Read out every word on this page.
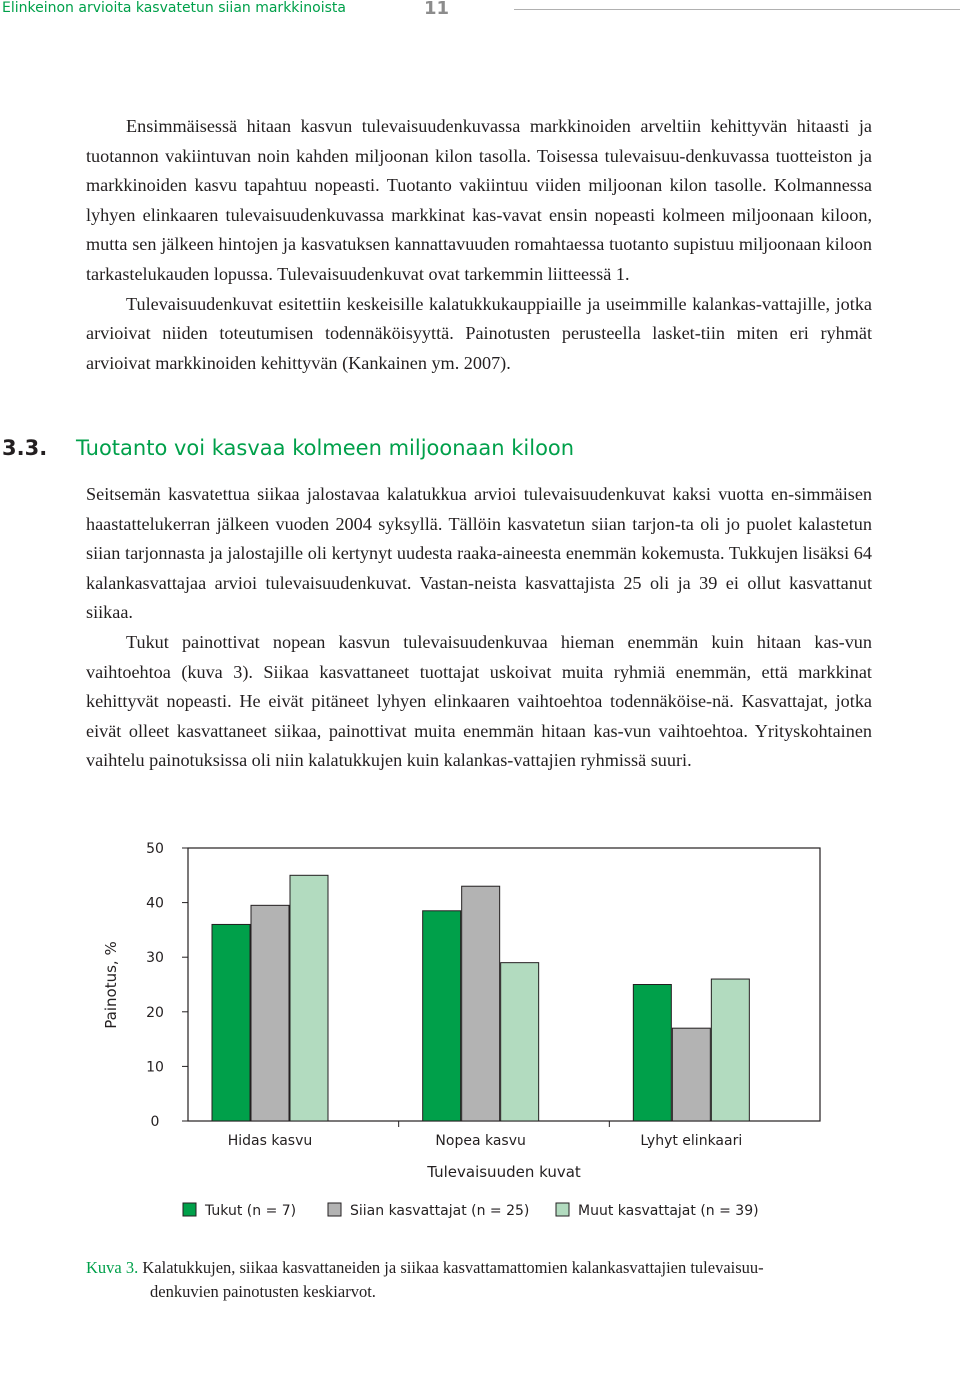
Elinkeinon arvioita kasvatetun siian markkinoista	11

Ensimmäisessä hitaan kasvun tulevaisuudenkuvassa markkinoiden arveltiin kehittyvän hitaasti ja tuotannon vakiintuvan noin kahden miljoonan kilon tasolla. Toisessa tulevaisuu-denkuvassa tuotteiston ja markkinoiden kasvu tapahtuu nopeasti. Tuotanto vakiintuu viiden miljoonan kilon tasolle. Kolmannessa lyhyen elinkaaren tulevaisuudenkuvassa markkinat kas-vavat ensin nopeasti kolmeen miljoonaan kiloon, mutta sen jälkeen hintojen ja kasvatuksen kannattavuuden romahtaessa tuotanto supistuu miljoonaan kiloon tarkastelukauden lopussa. Tulevaisuudenkuvat ovat tarkemmin liitteessä 1.

Tulevaisuudenkuvat esitettiin keskeisille kalatukkukauppiaille ja useimmille kalankas-vattajille, jotka arvioivat niiden toteutumisen todennäköisyyttä. Painotusten perusteella lasket-tiin miten eri ryhmät arvioivat markkinoiden kehittyvän (Kankainen ym. 2007).

3.3. Tuotanto voi kasvaa kolmeen miljoonaan kiloon

Seitsemän kasvatettua siikaa jalostavaa kalatukkua arvioi tulevaisuudenkuvat kaksi vuotta en-simmäisen haastattelukerran jälkeen vuoden 2004 syksyllä. Tällöin kasvatetun siian tarjon-ta oli jo puolet kalastetun siian tarjonnasta ja jalostajille oli kertynyt uudesta raaka-aineesta enemmän kokemusta. Tukkujen lisäksi 64 kalankasvattajaa arvioi tulevaisuudenkuvat. Vastan-neista kasvattajista 25 oli ja 39 ei ollut kasvattanut siikaa.

Tukut painottivat nopean kasvun tulevaisuudenkuvaa hieman enemmän kuin hitaan kas-vun vaihtoehtoa (kuva 3). Siikaa kasvattaneet tuottajat uskoivat muita ryhmiä enemmän, että markkinat kehittyvät nopeasti. He eivät pitäneet lyhyen elinkaaren vaihtoehtoa todennäköise-nä. Kasvattajat, jotka eivät olleet kasvattaneet siikaa, painottivat muita enemmän hitaan kas-vun vaihtoehtoa. Yrityskohtainen vaihtelu painotuksissa oli niin kalatukkujen kuin kalankas-vattajien ryhmissä suuri.

0
10
20
30
40
50
Painotus, %
Hidas kasvu	Nopea kasvu	Lyhyt elinkaari
Tulevaisuuden kuvat
Tukut (n = 7)	Siian kasvattajat (n = 25)	Muut kasvattajat (n = 39)
Kuva 3. Kalatukkujen, siikaa kasvattaneiden ja siikaa kasvattamattomien kalankasvattajien tulevaisuu-
denkuvien painotusten keskiarvot.
